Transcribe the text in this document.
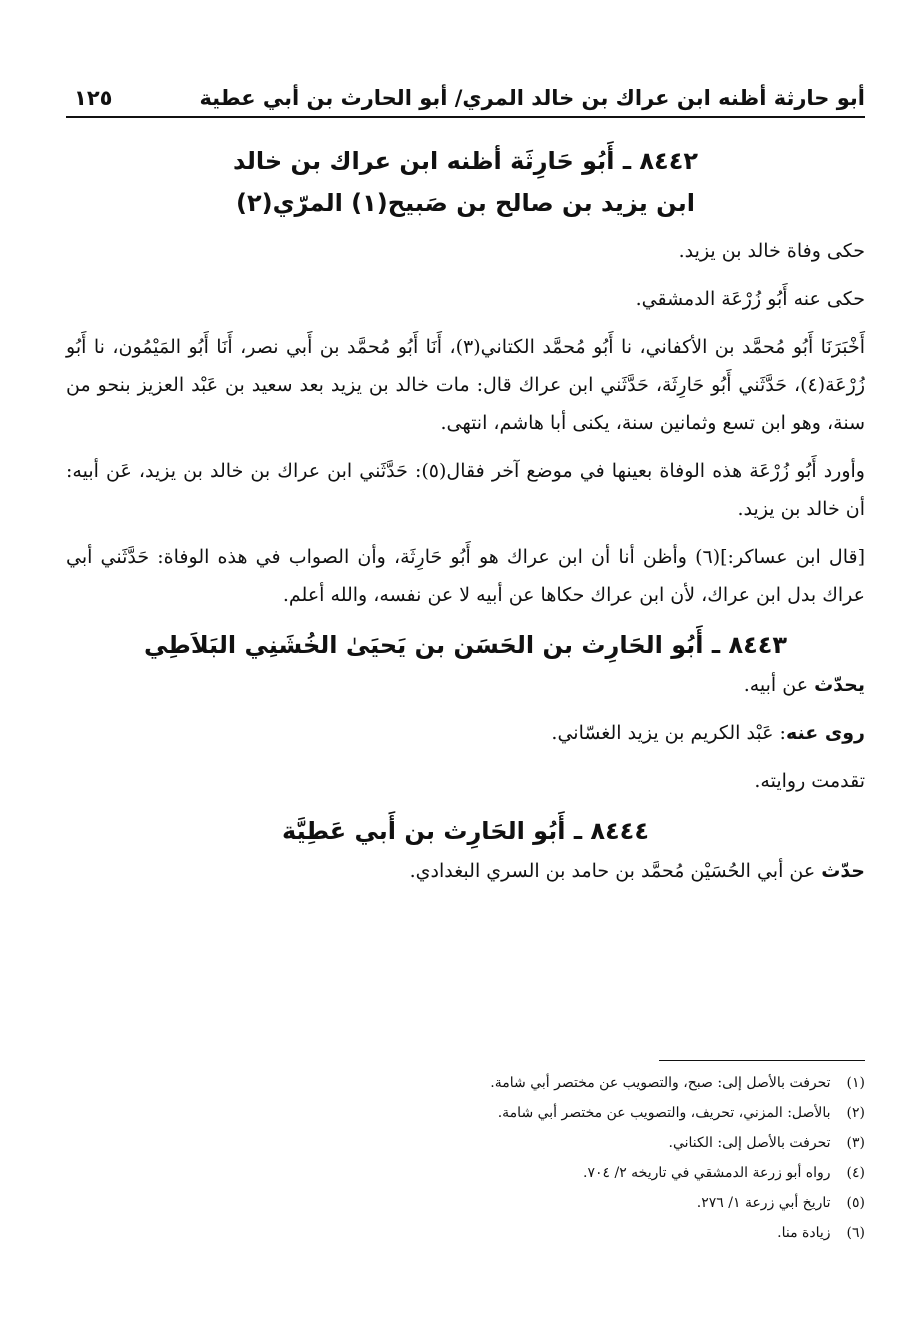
١٢٥	أبو حارثة أظنه ابن عراك بن خالد المري/ أبو الحارث بن أبي عطية
٨٤٤٢ ـ أَبُو حَارِثَة أظنه ابن عراك بن خالد
ابن يزيد بن صالح بن صَبيح(١) المرّي(٢)

حكى وفاة خالد بن يزيد.

حكى عنه أَبُو زُرْعَة الدمشقي.

أَخْبَرَنَا أَبُو مُحمَّد بن الأكفاني، نا أَبُو مُحمَّد الكتاني(٣)، أَنَا أَبُو مُحمَّد بن أَبي نصر، أَنَا أَبُو المَيْمُون، نا أَبُو زُرْعَة(٤)، حَدَّثَني أَبُو حَارِثَة، حَدَّثَني ابن عراك قال: مات خالد بن يزيد بعد سعيد بن عَبْد العزيز بنحو من سنة، وهو ابن تسع وثمانين سنة، يكنى أبا هاشم، انتهى.

وأورد أَبُو زُرْعَة هذه الوفاة بعينها في موضع آخر فقال(٥): حَدَّثَني ابن عراك بن خالد بن يزيد، عَن أبيه: أن خالد بن يزيد.

[قال ابن عساكر:](٦) وأظن أنا أن ابن عراك هو أَبُو حَارِثَة، وأن الصواب في هذه الوفاة: حَدَّثَني أبي عراك بدل ابن عراك، لأن ابن عراك حكاها عن أبيه لا عن نفسه، والله أعلم.

٨٤٤٣ ـ أَبُو الحَارِث بن الحَسَن بن يَحيَىٰ الخُشَنِي البَلاَطِي

يحدّث عن أبيه.

روى عنه: عَبْد الكريم بن يزيد الغسّاني.

تقدمت روايته.

٨٤٤٤ ـ أَبُو الحَارِث بن أَبي عَطِيَّة

حدّث عن أبي الحُسَيْن مُحمَّد بن حامد بن السري البغدادي.

(١) تحرفت بالأصل إلى: صبح، والتصويب عن مختصر أبي شامة.
(٢) بالأصل: المزني، تحريف، والتصويب عن مختصر أبي شامة.
(٣) تحرفت بالأصل إلى: الكناني.
(٤) رواه أبو زرعة الدمشقي في تاريخه ٢/ ٧٠٤.
(٥) تاريخ أبي زرعة ١/ ٢٧٦.
(٦) زيادة منا.
